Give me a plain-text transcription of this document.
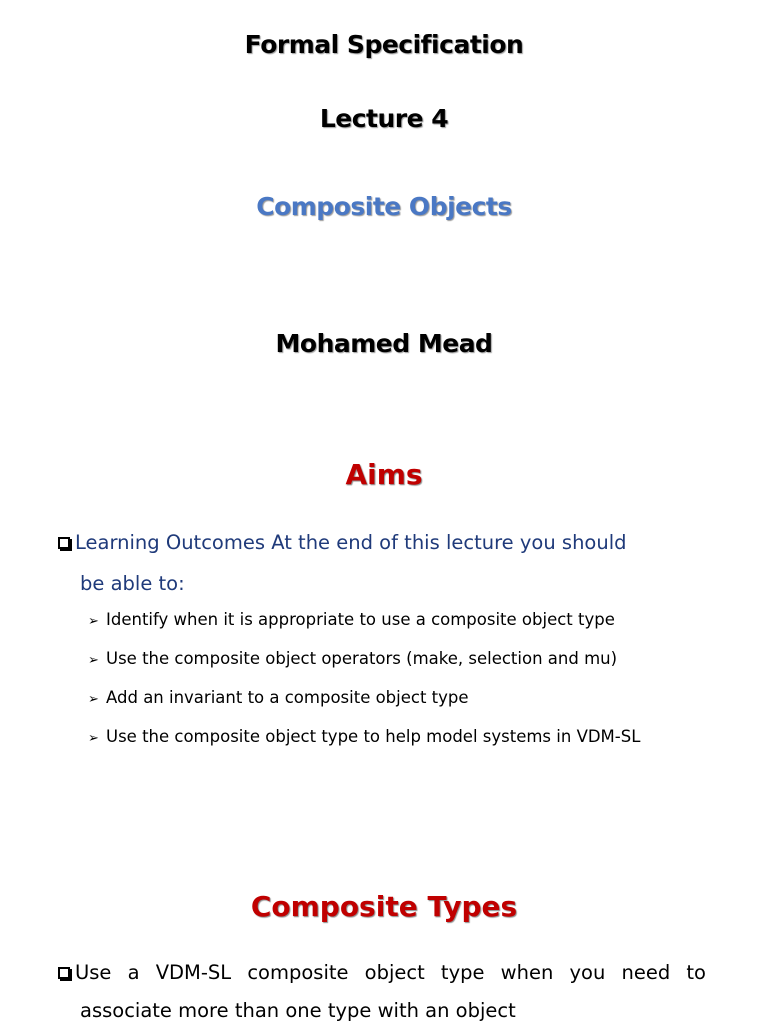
Formal Specification
Lecture 4
Composite Objects
Mohamed Mead
Aims
Learning Outcomes At the end of this lecture you should
be able to:
➢ Identify when it is appropriate to use a composite object type
➢ Use the composite object operators (make, selection and mu)
➢ Add an invariant to a composite object type
➢ Use the composite object type to help model systems in VDM-SL
Composite Types
Use a VDM-SL composite object type when you need to
associate more than one type with an object
